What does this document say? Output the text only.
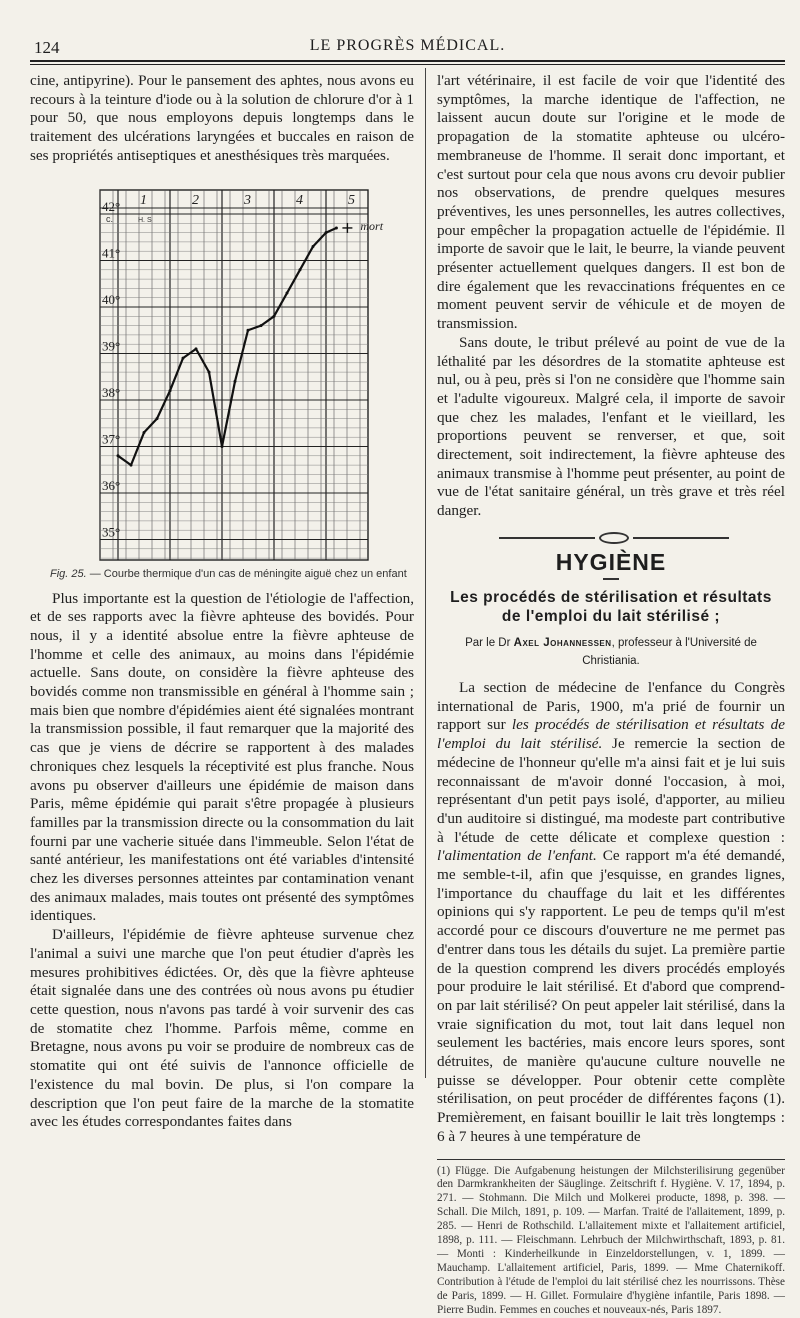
124	LE PROGRÈS MÉDICAL.

cine, antipyrine). Pour le pansement des aphtes, nous avons eu recours à la teinture d'iode ou à la solution de chlorure d'or à 1 pour 50, que nous employons depuis longtemps dans le traitement des ulcérations laryngées et buccales en raison de ses propriétés antiseptiques et anesthésiques très marquées.

42°
41°
40°
39°
38°
37°
36°
35°
c.	H. S
1	2	3	4	5
mort
Fig. 25. — Courbe thermique d'un cas de méningite aiguë chez un enfant

Plus importante est la question de l'étiologie de l'affection, et de ses rapports avec la fièvre aphteuse des bovidés. Pour nous, il y a identité absolue entre la fièvre aphteuse de l'homme et celle des animaux, au moins dans l'épidémie actuelle. Sans doute, on considère la fièvre aphteuse des bovidés comme non transmissible en général à l'homme sain ; mais bien que nombre d'épidémies aient été signalées montrant la transmission possible, il faut remarquer que la majorité des cas que je viens de décrire se rapportent à des malades chroniques chez lesquels la réceptivité est plus franche. Nous avons pu observer d'ailleurs une épidémie de maison dans Paris, même épidémie qui parait s'être propagée à plusieurs familles par la transmission directe ou la consommation du lait fourni par une vacherie située dans l'immeuble. Selon l'état de santé antérieur, les manifestations ont été variables d'intensité chez les diverses personnes atteintes par contamination venant des animaux malades, mais toutes ont présenté des symptômes identiques.

D'ailleurs, l'épidémie de fièvre aphteuse survenue chez l'animal a suivi une marche que l'on peut étudier d'après les mesures prohibitives édictées. Or, dès que la fièvre aphteuse était signalée dans une des contrées où nous avons pu étudier cette question, nous n'avons pas tardé à voir survenir des cas de stomatite chez l'homme. Parfois même, comme en Bretagne, nous avons pu voir se produire de nombreux cas de stomatite qui ont été suivis de l'annonce officielle de l'existence du mal bovin. De plus, si l'on compare la description que l'on peut faire de la marche de la stomatite avec les études correspondantes faites dans

l'art vétérinaire, il est facile de voir que l'identité des symptômes, la marche identique de l'affection, ne laissent aucun doute sur l'origine et le mode de propagation de la stomatite aphteuse ou ulcéro-membraneuse de l'homme. Il serait donc important, et c'est surtout pour cela que nous avons cru devoir publier nos observations, de prendre quelques mesures préventives, les unes personnelles, les autres collectives, pour empêcher la propagation actuelle de l'épidémie. Il importe de savoir que le lait, le beurre, la viande peuvent présenter actuellement quelques dangers. Il est bon de dire également que les revaccinations fréquentes en ce moment peuvent servir de véhicule et de moyen de transmission.

Sans doute, le tribut prélevé au point de vue de la léthalité par les désordres de la stomatite aphteuse est nul, ou à peu, près si l'on ne considère que l'homme sain et l'adulte vigoureux. Malgré cela, il importe de savoir que chez les malades, l'enfant et le vieillard, les proportions peuvent se renverser, et que, soit directement, soit indirectement, la fièvre aphteuse des animaux transmise à l'homme peut présenter, au point de vue de l'état sanitaire général, un très grave et très réel danger.

HYGIÈNE
Les procédés de stérilisation et résultats
de l'emploi du lait stérilisé ;
Par le Dr Axel Johannessen, professeur à l'Université de Christiania.

La section de médecine de l'enfance du Congrès international de Paris, 1900, m'a prié de fournir un rapport sur les procédés de stérilisation et résultats de l'emploi du lait stérilisé. Je remercie la section de médecine de l'honneur qu'elle m'a ainsi fait et je lui suis reconnaissant de m'avoir donné l'occasion, à moi, représentant d'un petit pays isolé, d'apporter, au milieu d'un auditoire si distingué, ma modeste part contributive à l'étude de cette délicate et complexe question : l'alimentation de l'enfant. Ce rapport m'a été demandé, me semble-t-il, afin que j'esquisse, en grandes lignes, l'importance du chauffage du lait et les différentes opinions qui s'y rapportent. Le peu de temps qu'il m'est accordé pour ce discours d'ouverture ne me permet pas d'entrer dans tous les détails du sujet. La première partie de la question comprend les divers procédés employés pour produire le lait stérilisé. Et d'abord que comprend-on par lait stérilisé? On peut appeler lait stérilisé, dans la vraie signification du mot, tout lait dans lequel non seulement les bactéries, mais encore leurs spores, sont détruites, de manière qu'aucune culture nouvelle ne puisse se développer. Pour obtenir cette complète stérilisation, on peut procéder de différentes façons (1). Premièrement, en faisant bouillir le lait très longtemps : 6 à 7 heures à une température de

(1) Flügge. Die Aufgabenung heistungen der Milchsterilisirung gegenüber den Darmkrankheiten der Säuglinge. Zeitschrift f. Hygiène. V. 17, 1894, p. 271. — Stohmann. Die Milch und Molkerei producte, 1898, p. 398. — Schall. Die Milch, 1891, p. 109. — Marfan. Traité de l'allaitement, 1899, p. 285. — Henri de Rothschild. L'allaitement mixte et l'allaitement artificiel, 1898, p. 111. — Fleischmann. Lehrbuch der Milchwirthschaft, 1893, p. 81. — Monti : Kinderheilkunde in Einzeldorstellungen, v. 1, 1899. — Mauchamp. L'allaitement artificiel, Paris, 1899. — Mme Chaternikoff. Contribution à l'étude de l'emploi du lait stérilisé chez les nourrissons. Thèse de Paris, 1899. — H. Gillet. Formulaire d'hygiène infantile, Paris 1898. — Pierre Budin. Femmes en couches et nouveaux-nés, Paris 1897.
